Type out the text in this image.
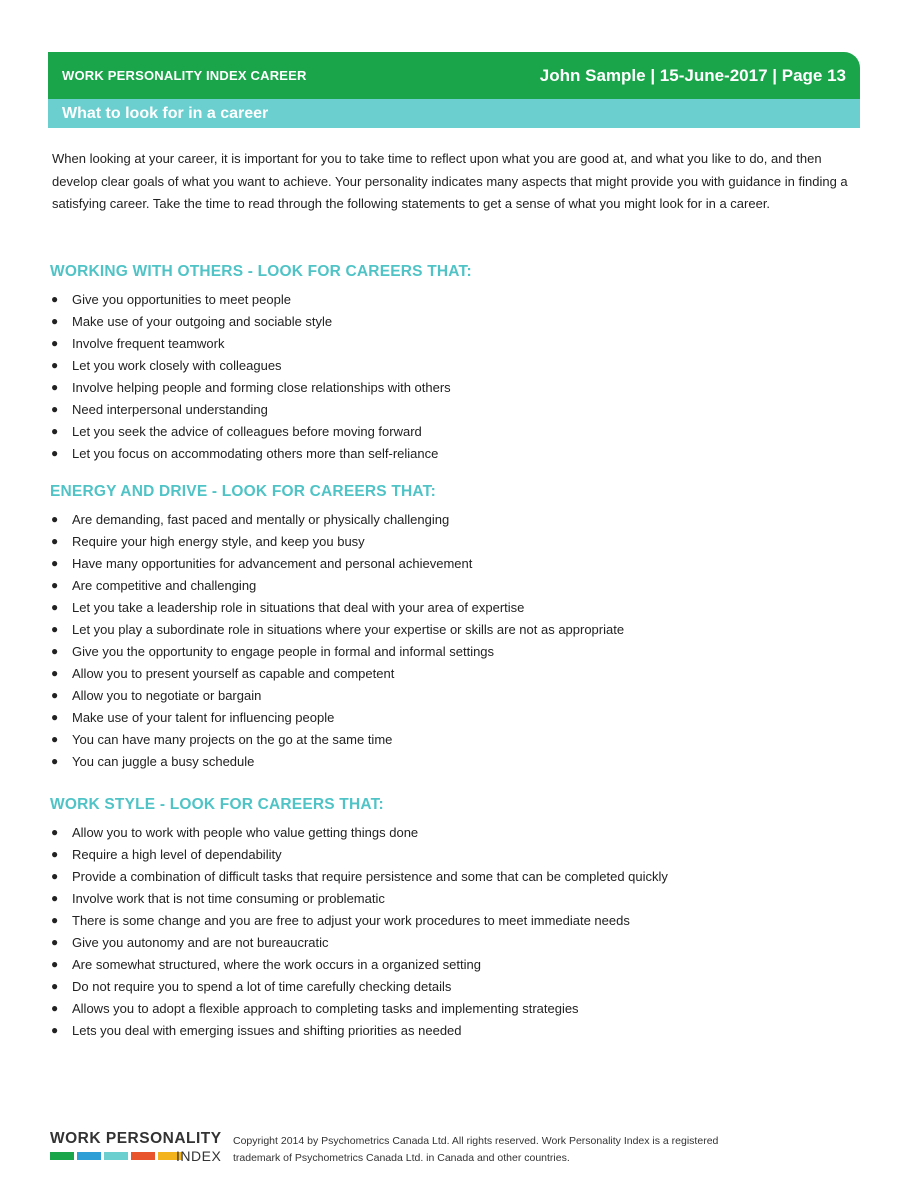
WORK PERSONALITY INDEX CAREER	John Sample | 15-June-2017 | Page 13
What to look for in a career

When looking at your career, it is important for you to take time to reflect upon what you are good at, and what you like to do, and then develop clear goals of what you want to achieve. Your personality indicates many aspects that might provide you with guidance in finding a satisfying career. Take the time to read through the following statements to get a sense of what you might look for in a career.

WORKING WITH OTHERS - LOOK FOR CAREERS THAT:
● Give you opportunities to meet people
● Make use of your outgoing and sociable style
● Involve frequent teamwork
● Let you work closely with colleagues
● Involve helping people and forming close relationships with others
● Need interpersonal understanding
● Let you seek the advice of colleagues before moving forward
● Let you focus on accommodating others more than self-reliance
ENERGY AND DRIVE - LOOK FOR CAREERS THAT:
● Are demanding, fast paced and mentally or physically challenging
● Require your high energy style, and keep you busy
● Have many opportunities for advancement and personal achievement
● Are competitive and challenging
● Let you take a leadership role in situations that deal with your area of expertise
● Let you play a subordinate role in situations where your expertise or skills are not as appropriate
● Give you the opportunity to engage people in formal and informal settings
● Allow you to present yourself as capable and competent
● Allow you to negotiate or bargain
● Make use of your talent for influencing people
● You can have many projects on the go at the same time
● You can juggle a busy schedule
WORK STYLE - LOOK FOR CAREERS THAT:
● Allow you to work with people who value getting things done
● Require a high level of dependability
● Provide a combination of difficult tasks that require persistence and some that can be completed quickly
● Involve work that is not time consuming or problematic
● There is some change and you are free to adjust your work procedures to meet immediate needs
● Give you autonomy and are not bureaucratic
● Are somewhat structured, where the work occurs in a organized setting
● Do not require you to spend a lot of time carefully checking details
● Allows you to adopt a flexible approach to completing tasks and implementing strategies
● Lets you deal with emerging issues and shifting priorities as needed
WORK PERSONALITY
INDEX
Copyright 2014 by Psychometrics Canada Ltd. All rights reserved. Work Personality Index is a registered
trademark of Psychometrics Canada Ltd. in Canada and other countries.
